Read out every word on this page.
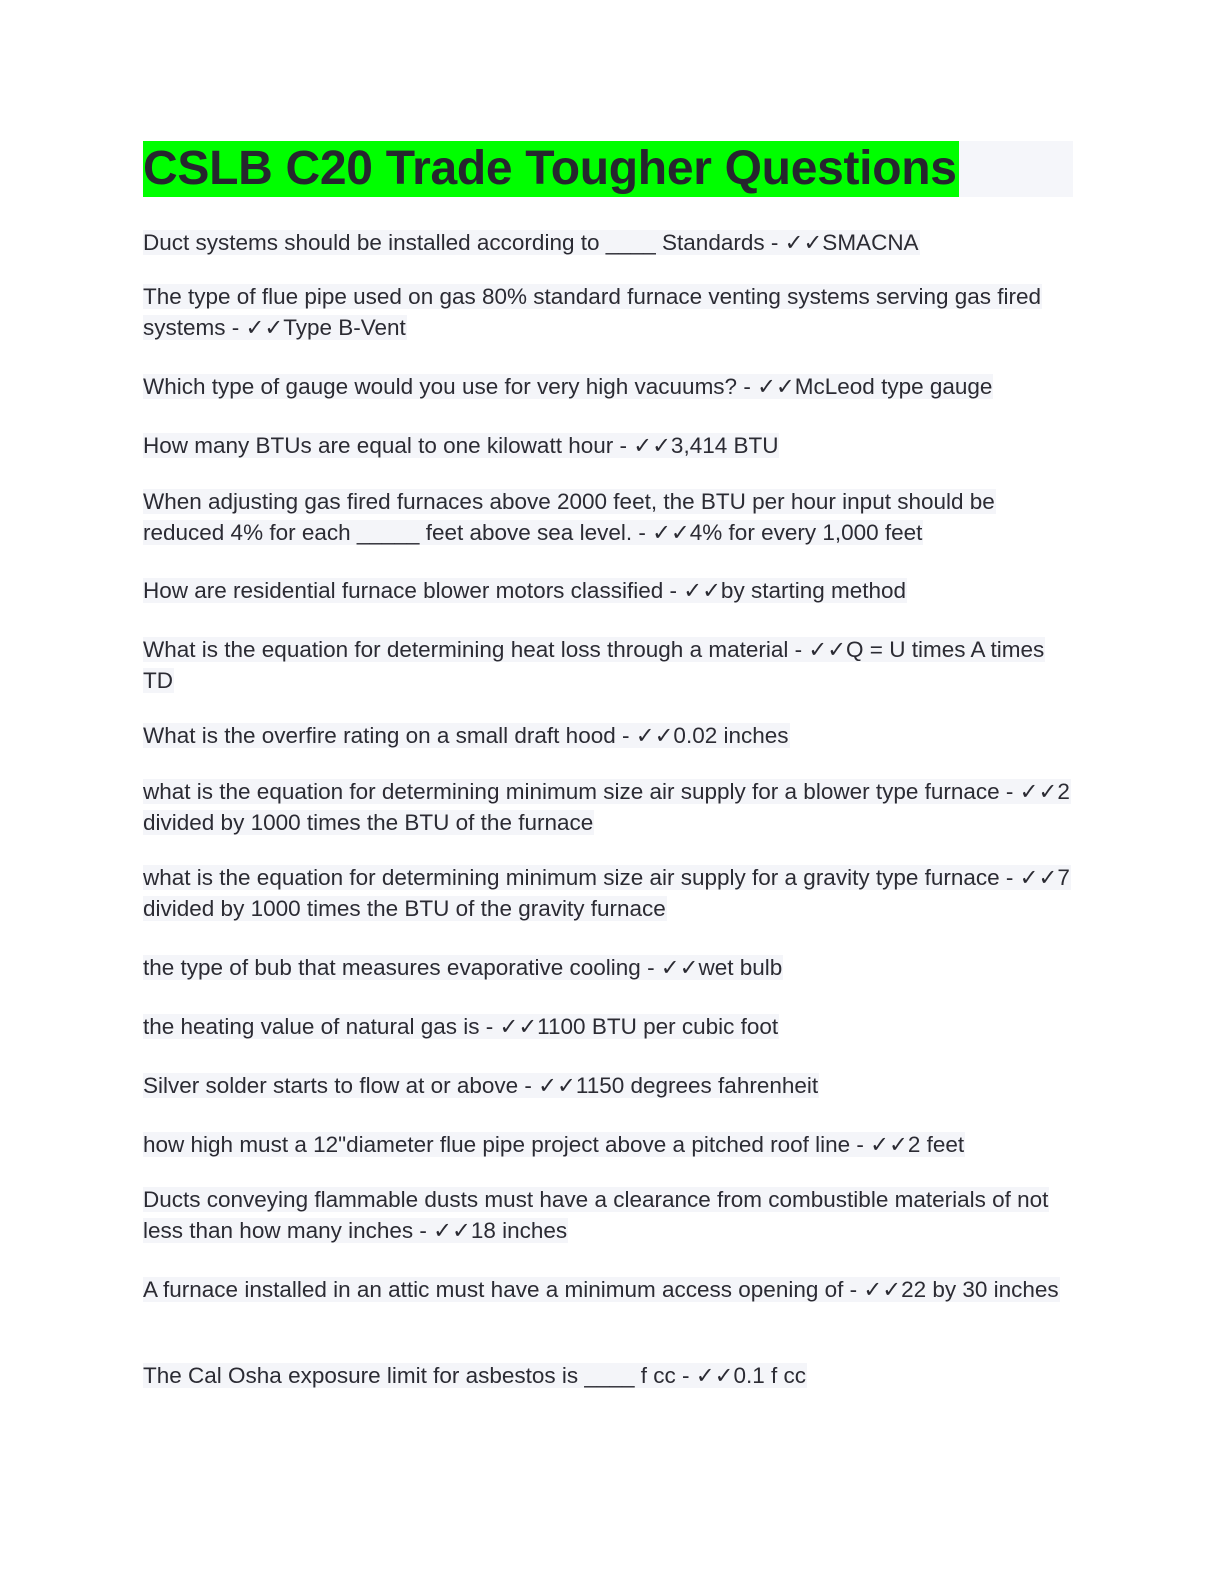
CSLB C20 Trade Tougher Questions

Duct systems should be installed according to ____ Standards - ✓✓SMACNA

The type of flue pipe used on gas 80% standard furnace venting systems serving gas fired systems - ✓✓Type B-Vent

Which type of gauge would you use for very high vacuums? - ✓✓McLeod type gauge

How many BTUs are equal to one kilowatt hour - ✓✓3,414 BTU

When adjusting gas fired furnaces above 2000 feet, the BTU per hour input should be reduced 4% for each _____ feet above sea level. - ✓✓4% for every 1,000 feet

How are residential furnace blower motors classified - ✓✓by starting method

What is the equation for determining heat loss through a material - ✓✓Q = U times A times TD

What is the overfire rating on a small draft hood - ✓✓0.02 inches

what is the equation for determining minimum size air supply for a blower type furnace - ✓✓2 divided by 1000 times the BTU of the furnace

what is the equation for determining minimum size air supply for a gravity type furnace - ✓✓7 divided by 1000 times the BTU of the gravity furnace

the type of bub that measures evaporative cooling - ✓✓wet bulb

the heating value of natural gas is - ✓✓1100 BTU per cubic foot

Silver solder starts to flow at or above - ✓✓1150 degrees fahrenheit

how high must a 12"diameter flue pipe project above a pitched roof line - ✓✓2 feet

Ducts conveying flammable dusts must have a clearance from combustible materials of not less than how many inches - ✓✓18 inches

A furnace installed in an attic must have a minimum access opening of - ✓✓22 by 30 inches

The Cal Osha exposure limit for asbestos is ____ f cc - ✓✓0.1 f cc
